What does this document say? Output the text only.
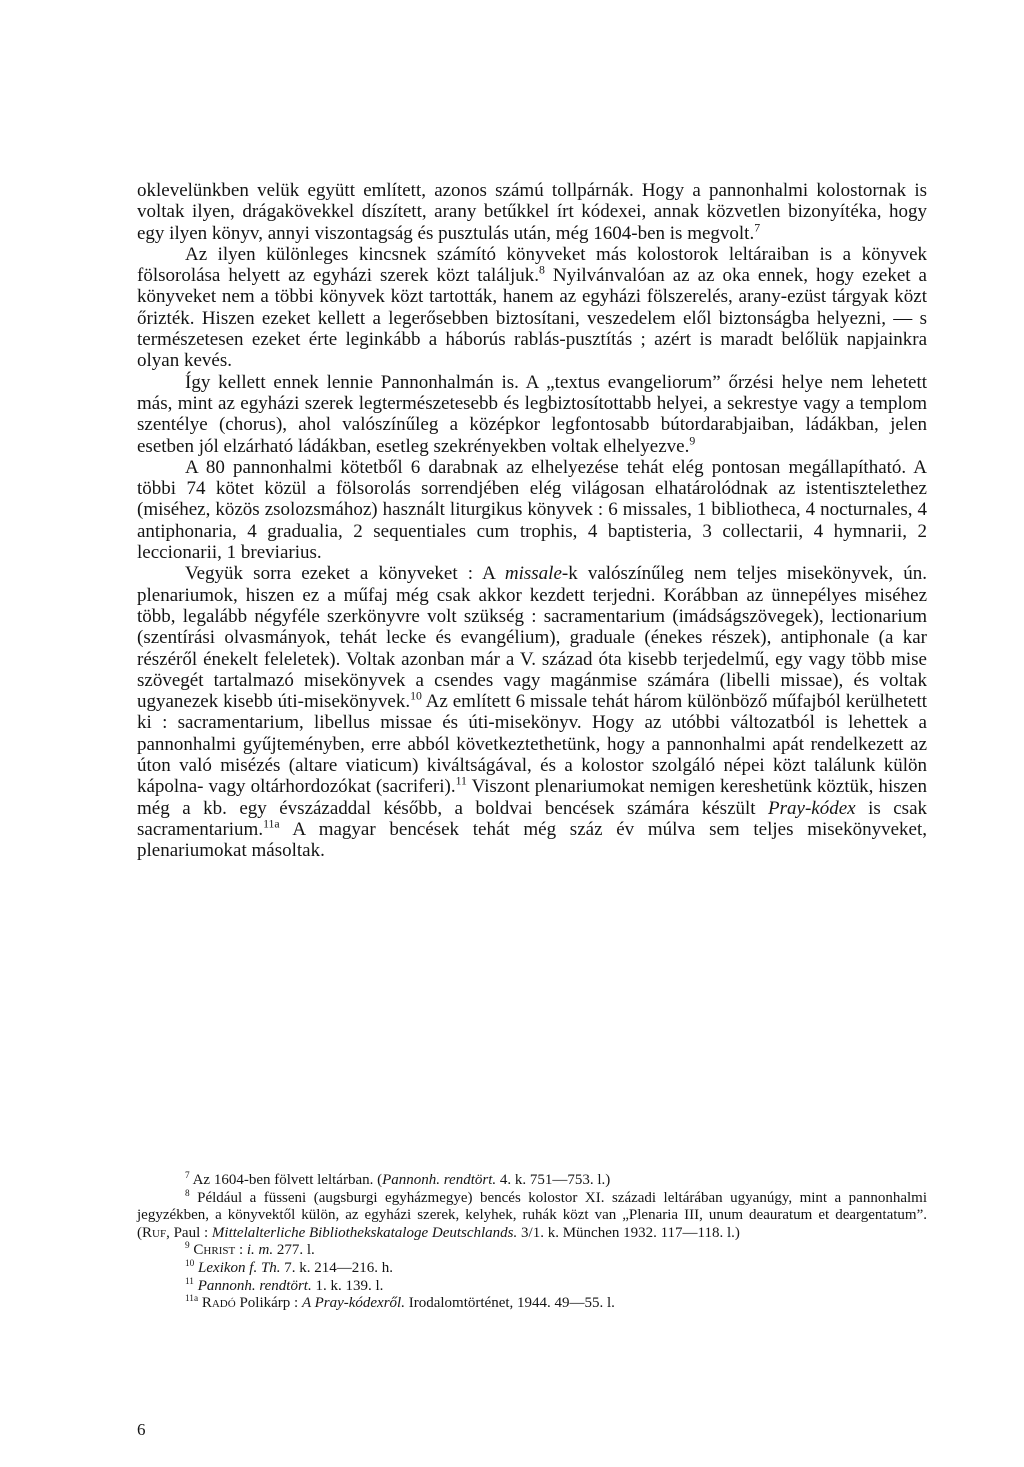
oklevelünkben velük együtt említett, azonos számú tollpárnák. Hogy a pannonhalmi kolostornak is voltak ilyen, drágakövekkel díszített, arany betűkkel írt kódexei, annak közvetlen bizonyítéka, hogy egy ilyen könyv, annyi viszontagság és pusztulás után, még 1604-ben is megvolt.$^7$

Az ilyen különleges kincsnek számító könyveket más kolostorok leltáraiban is a könyvek fölsorolása helyett az egyházi szerek közt találjuk.$^8$ Nyilvánvalóan az az oka ennek, hogy ezeket a könyveket nem a többi könyvek közt tartották, hanem az egyházi fölszerelés, arany-ezüst tárgyak közt őrizték. Hiszen ezeket kellett a legerősebben biztosítani, veszedelem elől biztonságba helyezni, — s természetesen ezeket érte leginkább a háborús rablás-pusztítás ; azért is maradt belőlük napjainkra olyan kevés.

Így kellett ennek lennie Pannonhalmán is. A „textus evangeliorum” őrzési helye nem lehetett más, mint az egyházi szerek legtermészetesebb és legbiztosítottabb helyei, a sekrestye vagy a templom szentélye (chorus), ahol valószínűleg a középkor legfontosabb bútordarabjaiban, ládákban, jelen esetben jól elzárható ládákban, esetleg szekrényekben voltak elhelyezve.$^9$

A 80 pannonhalmi kötetből 6 darabnak az elhelyezése tehát elég pontosan megállapítható. A többi 74 kötet közül a fölsorolás sorrendjében elég világosan elhatárolódnak az istentisztelethez (miséhez, közös zsolozsmához) használt liturgikus könyvek : 6 missales, 1 bibliotheca, 4 nocturnales, 4 antiphonaria, 4 gradualia, 2 sequentiales cum trophis, 4 baptisteria, 3 collectarii, 4 hymnarii, 2 leccionarii, 1 breviarius.

Vegyük sorra ezeket a könyveket : A missale-k valószínűleg nem teljes misekönyvek, ún. plenariumok, hiszen ez a műfaj még csak akkor kezdett terjedni. Korábban az ünnepélyes miséhez több, legalább négyféle szerkönyvre volt szükség : sacramentarium (imádságszövegek), lectionarium (szentírási olvasmányok, tehát lecke és evangélium), graduale (énekes részek), antiphonale (a kar részéről énekelt feleletek). Voltak azonban már a V. század óta kisebb terjedelmű, egy vagy több mise szövegét tartalmazó misekönyvek a csendes vagy magánmise számára (libelli missae), és voltak ugyanezek kisebb úti-misekönyvek.$^{10}$ Az említett 6 missale tehát három különböző műfajból kerülhetett ki : sacramentarium, libellus missae és úti-misekönyv. Hogy az utóbbi változatból is lehettek a pannonhalmi gyűjteményben, erre abból következtethetünk, hogy a pannonhalmi apát rendelkezett az úton való misézés (altare viaticum) kiváltságával, és a kolostor szolgáló népei közt találunk külön kápolna- vagy oltárhordozókat (sacriferi).$^{11}$ Viszont plenariumokat nemigen kereshetünk köztük, hiszen még a kb. egy évszázaddal később, a boldvai bencések számára készült Pray-kódex is csak sacramentarium.$^{11a}$ A magyar bencések tehát még száz év múlva sem teljes misekönyveket, plenariumokat másoltak.

$^7$ Az 1604-ben fölvett leltárban. (Pannonh. rendtört. 4. k. 751—753. l.)

$^8$ Például a füsseni (augsburgi egyházmegye) bencés kolostor XI. századi leltárában ugyanúgy, mint a pannonhalmi jegyzékben, a könyvektől külön, az egyházi szerek, kelyhek, ruhák közt van „Plenaria III, unum deauratum et deargentatum”. (Ruf, Paul : Mittelalterliche Bibliothekskatalogе Deutschlands. 3/1. k. München 1932. 117—118. l.)

$^9$ Christ : i. m. 277. l.

$^{10}$ Lexikon f. Th. 7. k. 214—216. h.

$^{11}$ Pannonh. rendtört. 1. k. 139. l.

$^{11a}$ Radó Polikárp : A Pray-kódexről. Irodalomtörténet, 1944. 49—55. l.

6
